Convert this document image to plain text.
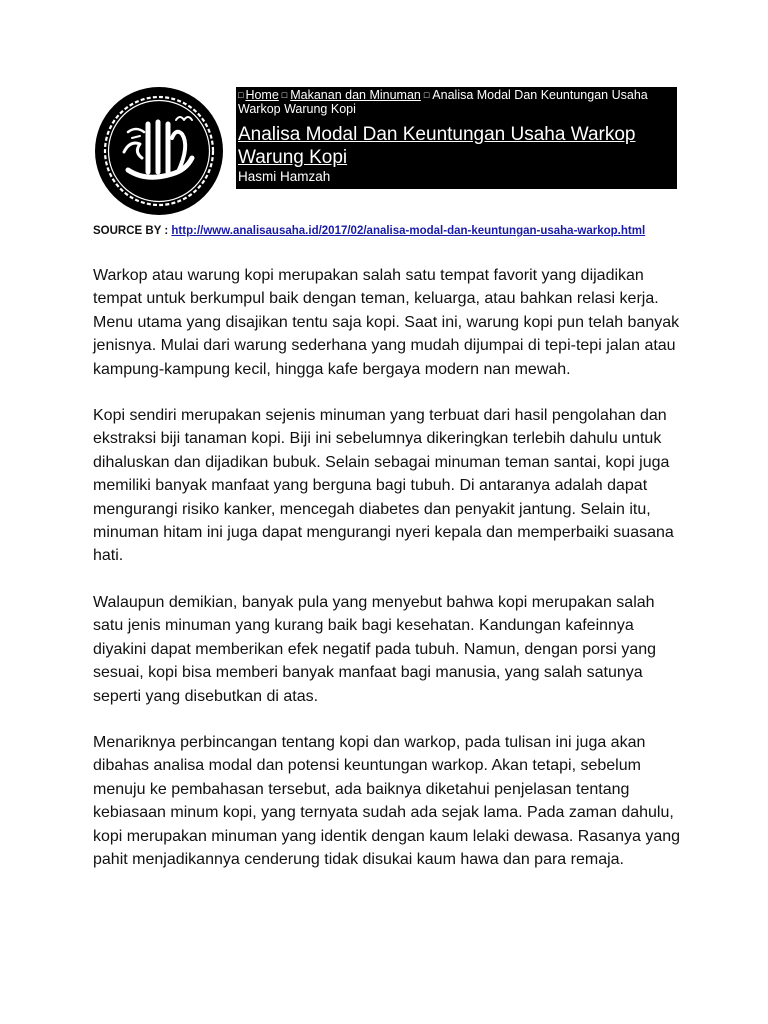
□ Home □ Makanan dan Minuman □ Analisa Modal Dan Keuntungan Usaha Warkop Warung Kopi
Analisa Modal Dan Keuntungan Usaha Warkop Warung Kopi
Hasmi Hamzah
SOURCE BY : http://www.analisausaha.id/2017/02/analisa-modal-dan-keuntungan-usaha-warkop.html

Warkop atau warung kopi merupakan salah satu tempat favorit yang dijadikan tempat untuk berkumpul baik dengan teman, keluarga, atau bahkan relasi kerja. Menu utama yang disajikan tentu saja kopi. Saat ini, warung kopi pun telah banyak jenisnya. Mulai dari warung sederhana yang mudah dijumpai di tepi-tepi jalan atau kampung-kampung kecil, hingga kafe bergaya modern nan mewah.

Kopi sendiri merupakan sejenis minuman yang terbuat dari hasil pengolahan dan ekstraksi biji tanaman kopi. Biji ini sebelumnya dikeringkan terlebih dahulu untuk dihaluskan dan dijadikan bubuk. Selain sebagai minuman teman santai, kopi juga memiliki banyak manfaat yang berguna bagi tubuh. Di antaranya adalah dapat mengurangi risiko kanker, mencegah diabetes dan penyakit jantung. Selain itu, minuman hitam ini juga dapat mengurangi nyeri kepala dan memperbaiki suasana hati.

Walaupun demikian, banyak pula yang menyebut bahwa kopi merupakan salah satu jenis minuman yang kurang baik bagi kesehatan. Kandungan kafeinnya diyakini dapat memberikan efek negatif pada tubuh. Namun, dengan porsi yang sesuai, kopi bisa memberi banyak manfaat bagi manusia, yang salah satunya seperti yang disebutkan di atas.

Menariknya perbincangan tentang kopi dan warkop, pada tulisan ini juga akan dibahas analisa modal dan potensi keuntungan warkop. Akan tetapi, sebelum menuju ke pembahasan tersebut, ada baiknya diketahui penjelasan tentang kebiasaan minum kopi, yang ternyata sudah ada sejak lama. Pada zaman dahulu, kopi merupakan minuman yang identik dengan kaum lelaki dewasa. Rasanya yang pahit menjadikannya cenderung tidak disukai kaum hawa dan para remaja.
